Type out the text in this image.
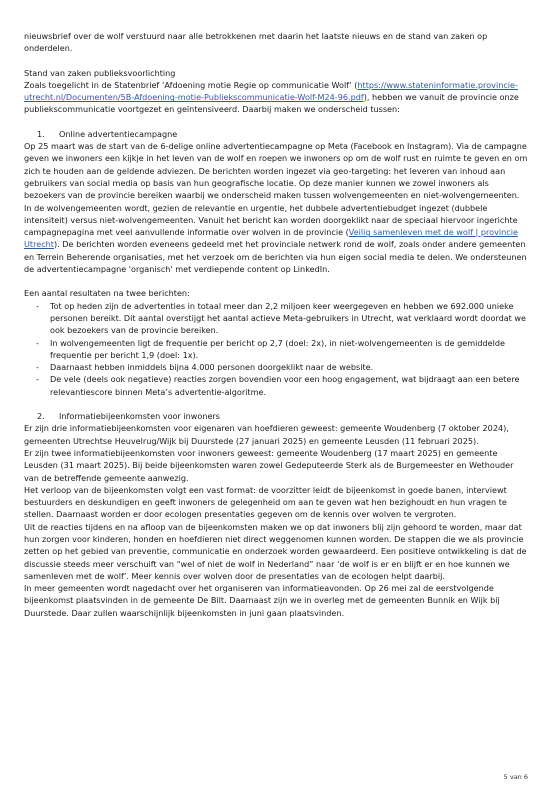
nieuwsbrief over de wolf verstuurd naar alle betrokkenen met daarin het laatste nieuws en de stand van zaken op onderdelen.

Stand van zaken publieksvoorlichting

Zoals toegelicht in de Statenbrief ‘Afdoening motie Regie op communicatie Wolf’ (https://www.stateninformatie.provincie-utrecht.nl/Documenten/5B-Afdoening-motie-Publiekscommunicatie-Wolf-M24-96.pdf), hebben we vanuit de provincie onze publiekscommunicatie voortgezet en geïntensiveerd. Daarbij maken we onderscheid tussen:

1.	Online advertentiecampagne

Op 25 maart was de start van de 6-delige online advertentiecampagne op Meta (Facebook en Instagram). Via de campagne geven we inwoners een kijkje in het leven van de wolf en roepen we inwoners op om de wolf rust en ruimte te geven en om zich te houden aan de geldende adviezen. De berichten worden ingezet via geo-targeting: het leveren van inhoud aan gebruikers van social media op basis van hun geografische locatie. Op deze manier kunnen we zowel inwoners als bezoekers van de provincie bereiken waarbij we onderscheid maken tussen wolvengemeenten en niet-wolvengemeenten. In de wolvengemeenten wordt, gezien de relevantie en urgentie, het dubbele advertentiebudget ingezet (dubbele intensiteit) versus niet-wolvengemeenten. Vanuit het bericht kan worden doorgeklikt naar de speciaal hiervoor ingerichte campagnepagina met veel aanvullende informatie over wolven in de provincie (Veilig samenleven met de wolf | provincie Utrecht). De berichten worden eveneens gedeeld met het provinciale netwerk rond de wolf, zoals onder andere gemeenten en Terrein Beherende organisaties, met het verzoek om de berichten via hun eigen social media te delen. We ondersteunen de advertentiecampagne 'organisch' met verdiepende content op LinkedIn.

Een aantal resultaten na twee berichten:

-	Tot op heden zijn de advertenties in totaal meer dan 2,2 miljoen keer weergegeven en hebben we 692.000 unieke personen bereikt. Dit aantal overstijgt het aantal actieve Meta-gebruikers in Utrecht, wat verklaard wordt doordat we ook bezoekers van de provincie bereiken.
-	In wolvengemeenten ligt de frequentie per bericht op 2,7 (doel: 2x), in niet-wolvengemeenten is de gemiddelde frequentie per bericht 1,9 (doel: 1x).
-	Daarnaast hebben inmiddels bijna 4.000 personen doorgeklikt naar de website.
-	De vele (deels ook negatieve) reacties zorgen bovendien voor een hoog engagement, wat bijdraagt aan een betere relevantiescore binnen Meta’s advertentie-algoritme.
2.	Informatiebijeenkomsten voor inwoners

Er zijn drie informatiebijeenkomsten voor eigenaren van hoefdieren geweest: gemeente Woudenberg (7 oktober 2024), gemeenten Utrechtse Heuvelrug/Wijk bij Duurstede (27 januari 2025) en gemeente Leusden (11 februari 2025).

Er zijn twee informatiebijeenkomsten voor inwoners geweest: gemeente Woudenberg (17 maart 2025) en gemeente Leusden (31 maart 2025). Bij beide bijeenkomsten waren zowel Gedeputeerde Sterk als de Burgemeester en Wethouder van de betreffende gemeente aanwezig.

Het verloop van de bijeenkomsten volgt een vast format: de voorzitter leidt de bijeenkomst in goede banen, interviewt bestuurders en deskundigen en geeft inwoners de gelegenheid om aan te geven wat hen bezighoudt en hun vragen te stellen. Daarnaast worden er door ecologen presentaties gegeven om de kennis over wolven te vergroten.

Uit de reacties tijdens en na afloop van de bijeenkomsten maken we op dat inwoners blij zijn gehoord te worden, maar dat hun zorgen voor kinderen, honden en hoefdieren niet direct weggenomen kunnen worden. De stappen die we als provincie zetten op het gebied van preventie, communicatie en onderzoek worden gewaardeerd. Een positieve ontwikkeling is dat de discussie steeds meer verschuift van “wel of niet de wolf in Nederland” naar ‘de wolf is er en blijft er en hoe kunnen we samenleven met de wolf’. Meer kennis over wolven door de presentaties van de ecologen helpt daarbij.

In meer gemeenten wordt nagedacht over het organiseren van informatieavonden. Op 26 mei zal de eerstvolgende bijeenkomst plaatsvinden in de gemeente De Bilt. Daarnaast zijn we in overleg met de gemeenten Bunnik en Wijk bij Duurstede. Daar zullen waarschijnlijk bijeenkomsten in juni gaan plaatsvinden.

5 van 6
